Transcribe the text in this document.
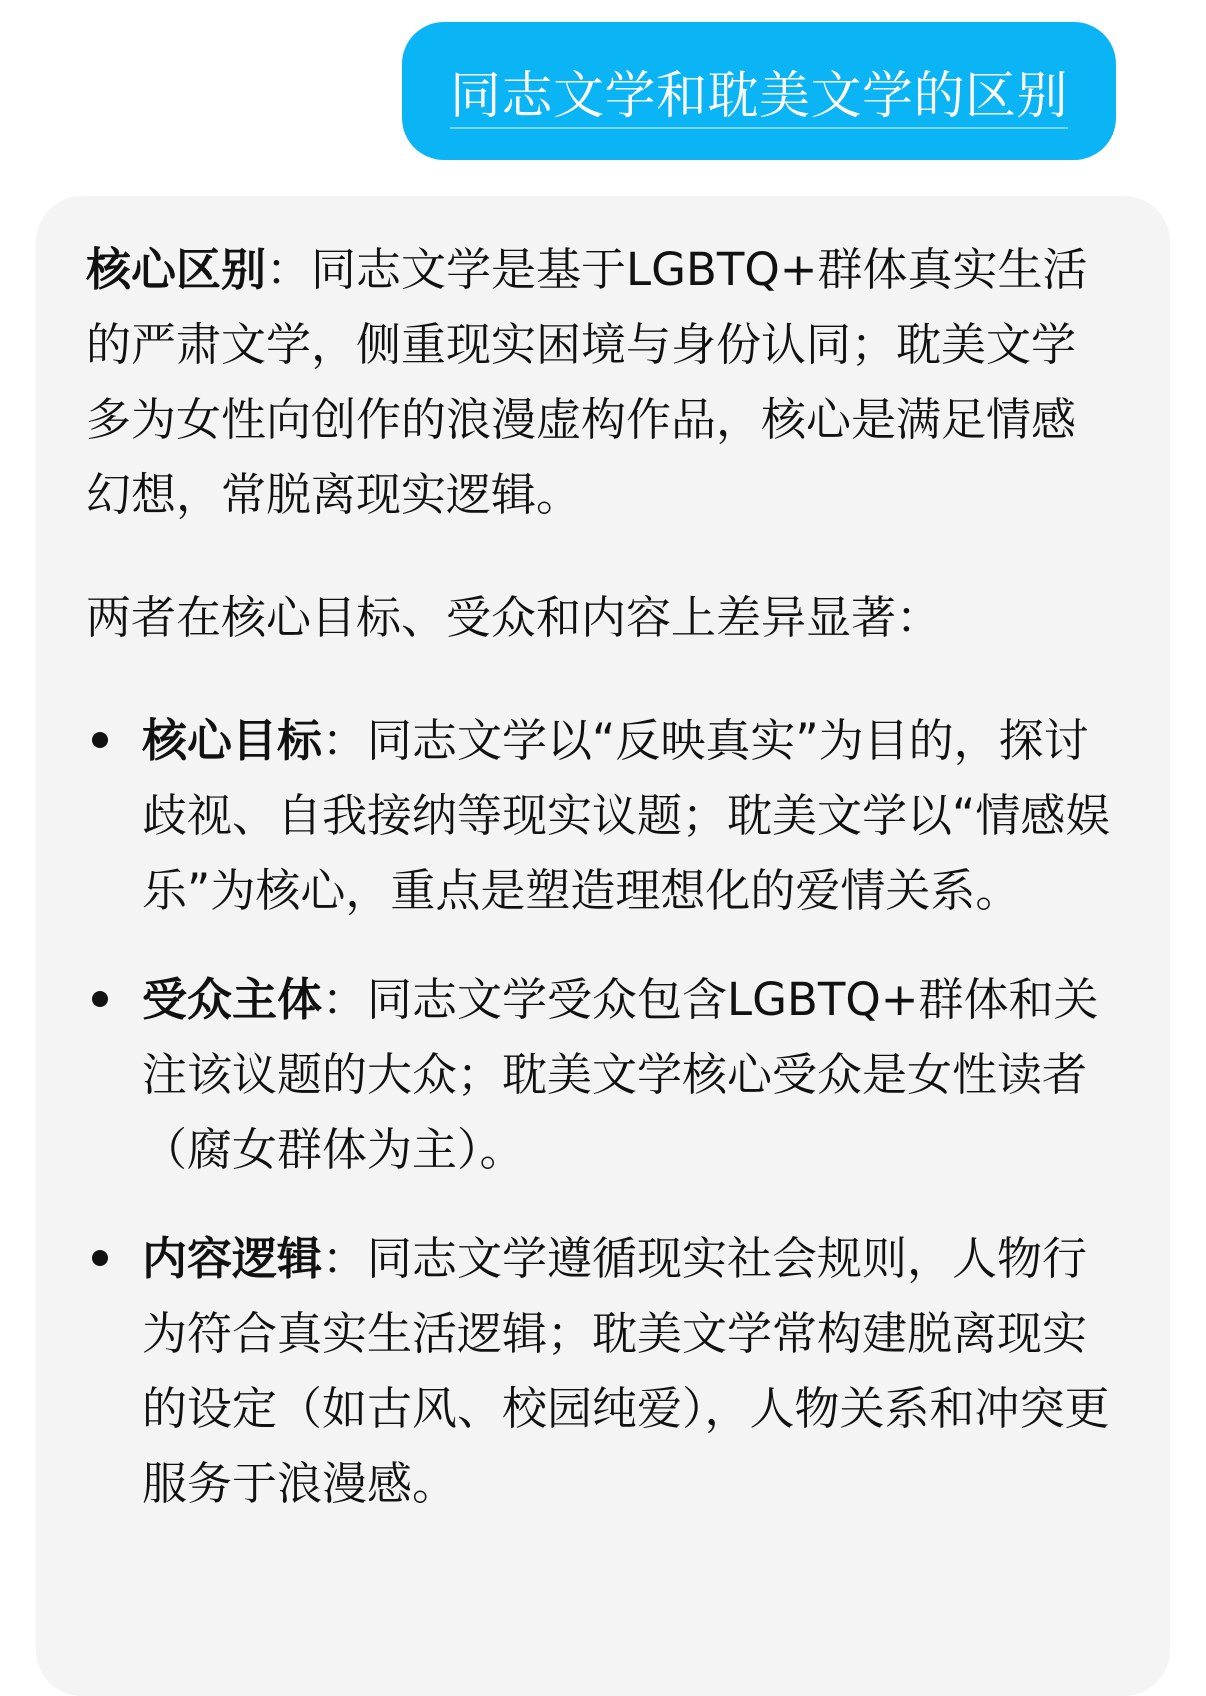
同志文学和耽美文学的区别

核心区别：同志文学是基于LGBTQ+群体真实生活的严肃文学，侧重现实困境与身份认同；耽美文学多为女性向创作的浪漫虚构作品，核心是满足情感幻想，常脱离现实逻辑。

两者在核心目标、受众和内容上差异显著：

核心目标：同志文学以“反映真实”为目的，探讨歧视、自我接纳等现实议题；耽美文学以“情感娱乐”为核心，重点是塑造理想化的爱情关系。
受众主体：同志文学受众包含LGBTQ+群体和关注该议题的大众；耽美文学核心受众是女性读者（腐女群体为主）。
内容逻辑：同志文学遵循现实社会规则，人物行为符合真实生活逻辑；耽美文学常构建脱离现实的设定（如古风、校园纯爱），人物关系和冲突更服务于浪漫感。
